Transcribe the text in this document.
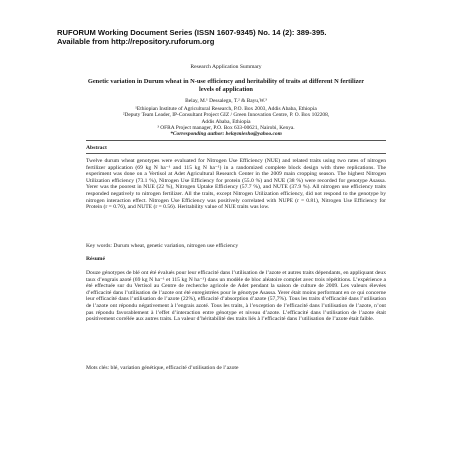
RUFORUM Working Document Series (ISSN 1607-9345) No. 14 (2): 389-395.
Available from http://repository.ruforum.org
Research Application Summary
Genetic variation in Durum wheat in N-use efficiency and heritability of traits at different N fertilizer levels of application
Belay, M.¹ Dessalegn, T.² & Bayu,W.³
¹Ethiopian Institute of Agricultural Research, P.O. Box 2003, Addis Ababa, Ethiopia
²Deputy Team Leader, IP-Consultant Project GIZ / Green Innovation Centre, P. O. Box 102208,
Addis Ababa, Ethiopia
³ OFRA Project manager, P.O. Box 633-00621, Nairobi, Kenya.
*Corresponding author: belaymiesho@yahoo.com
Abstract
Twelve durum wheat genotypes were evaluated for Nitrogen Use Efficiency (NUE) and related traits using two rates of nitrogen fertilizer application (69 kg N ha⁻¹ and 115 kg N ha⁻¹) in a randomized complete block design with three replications. The experiment was done on a Vertisol at Adet Agricultural Research Center in the 2009 main cropping season. The highest Nitrogen Utilization efficiency (73.1 %), Nitrogen Use Efficiency for protein (55.0 %) and NUE (38 %) were recorded for genotype Asassa. Yerer was the poorest in NUE (22 %), Nitrogen Uptake Efficiency (57.7 %), and NUTE (37.9 %). All nitrogen use efficiency traits responded negatively to nitrogen fertilizer. All the traits, except Nitrogen Utilization efficiency, did not respond to the genotype by nitrogen interaction effect. Nitrogen Use Efficiency was positively correlated with NUPE (r = 0.81), Nitrogen Use Efficiency for Protein (r = 0.76), and NUTE (r = 0.56). Heritability value of NUE traits was low.
Key words: Durum wheat, genetic variation, nitrogen use efficiency
Résumé
Douze génotypes de blé ont été évalués pour leur efficacité dans l’utilisation de l’azote et autres traits dépendants, en appliquant deux taux d’engrais azoté (69 kg N ha⁻¹ et 115 kg N ha⁻¹) dans un modèle de bloc aléatoire complet avec trois répétitions. L’expérience a été effectuée sur du Vertisol au Centre de recherche agricole de Adet pendant la saison de culture de 2009. Les valeurs élevées d’efficacité dans l’utilisation de l’azote ont été enregistrées pour le génotype Asassa. Yerer était moins performant en ce qui concerne leur efficacité dans l’utilisation de l’azote (22%), efficacité d’absorption d’azote (57,7%). Tous les traits d’efficacité dans l’utilisation de l’azote ont répondu négativement à l’engrais azoté. Tous les traits, à l’exception de l’efficacité dans l’utilisation de l’azote, n’ont pas répondu favorablement à l’effet d’interaction entre génotype et niveau d’azote. L’efficacité dans l’utilisation de l’azote était positivement corrélée aux autres traits. La valeur d’héritabilité des traits liés à l’efficacité dans l’utilisation de l’azote était faible.
Mots clés: blé, variation génétique, efficacité d’utilisation de l’azote
